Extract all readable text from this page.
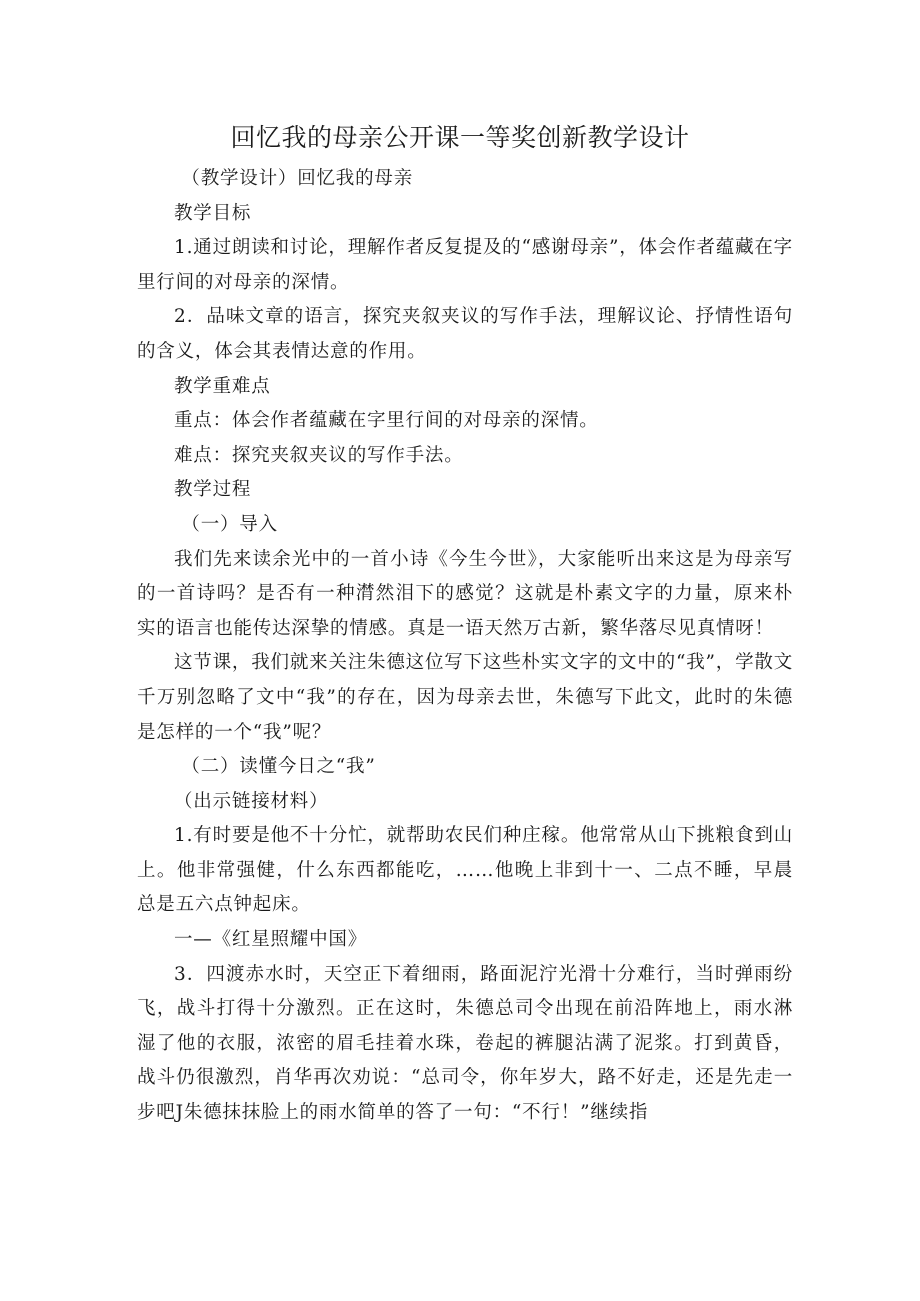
回忆我的母亲公开课一等奖创新教学设计

（教学设计）回忆我的母亲

教学目标

1.通过朗读和讨论，理解作者反复提及的“感谢母亲”，体会作者蕴藏在字里行间的对母亲的深情。

2．品味文章的语言，探究夹叙夹议的写作手法，理解议论、抒情性语句的含义，体会其表情达意的作用。

教学重难点

重点：体会作者蕴藏在字里行间的对母亲的深情。

难点：探究夹叙夹议的写作手法。

教学过程

（一）导入

我们先来读余光中的一首小诗《今生今世》，大家能听出来这是为母亲写的一首诗吗？是否有一种潸然泪下的感觉？这就是朴素文字的力量，原来朴实的语言也能传达深挚的情感。真是一语天然万古新，繁华落尽见真情呀！

这节课，我们就来关注朱德这位写下这些朴实文字的文中的“我”，学散文千万别忽略了文中“我”的存在，因为母亲去世，朱德写下此文，此时的朱德是怎样的一个“我”呢？

（二）读懂今日之“我”

（出示链接材料）

1.有时要是他不十分忙，就帮助农民们种庄稼。他常常从山下挑粮食到山上。他非常强健，什么东西都能吃，……他晚上非到十一、二点不睡，早晨总是五六点钟起床。

一—《红星照耀中国》

3．四渡赤水时，天空正下着细雨，路面泥泞光滑十分难行，当时弹雨纷飞，战斗打得十分激烈。正在这时，朱德总司令出现在前沿阵地上，雨水淋湿了他的衣服，浓密的眉毛挂着水珠，卷起的裤腿沾满了泥浆。打到黄昏，战斗仍很激烈，肖华再次劝说：“总司令，你年岁大，路不好走，还是先走一步吧J朱德抹抹脸上的雨水简单的答了一句：“不行！”继续指
